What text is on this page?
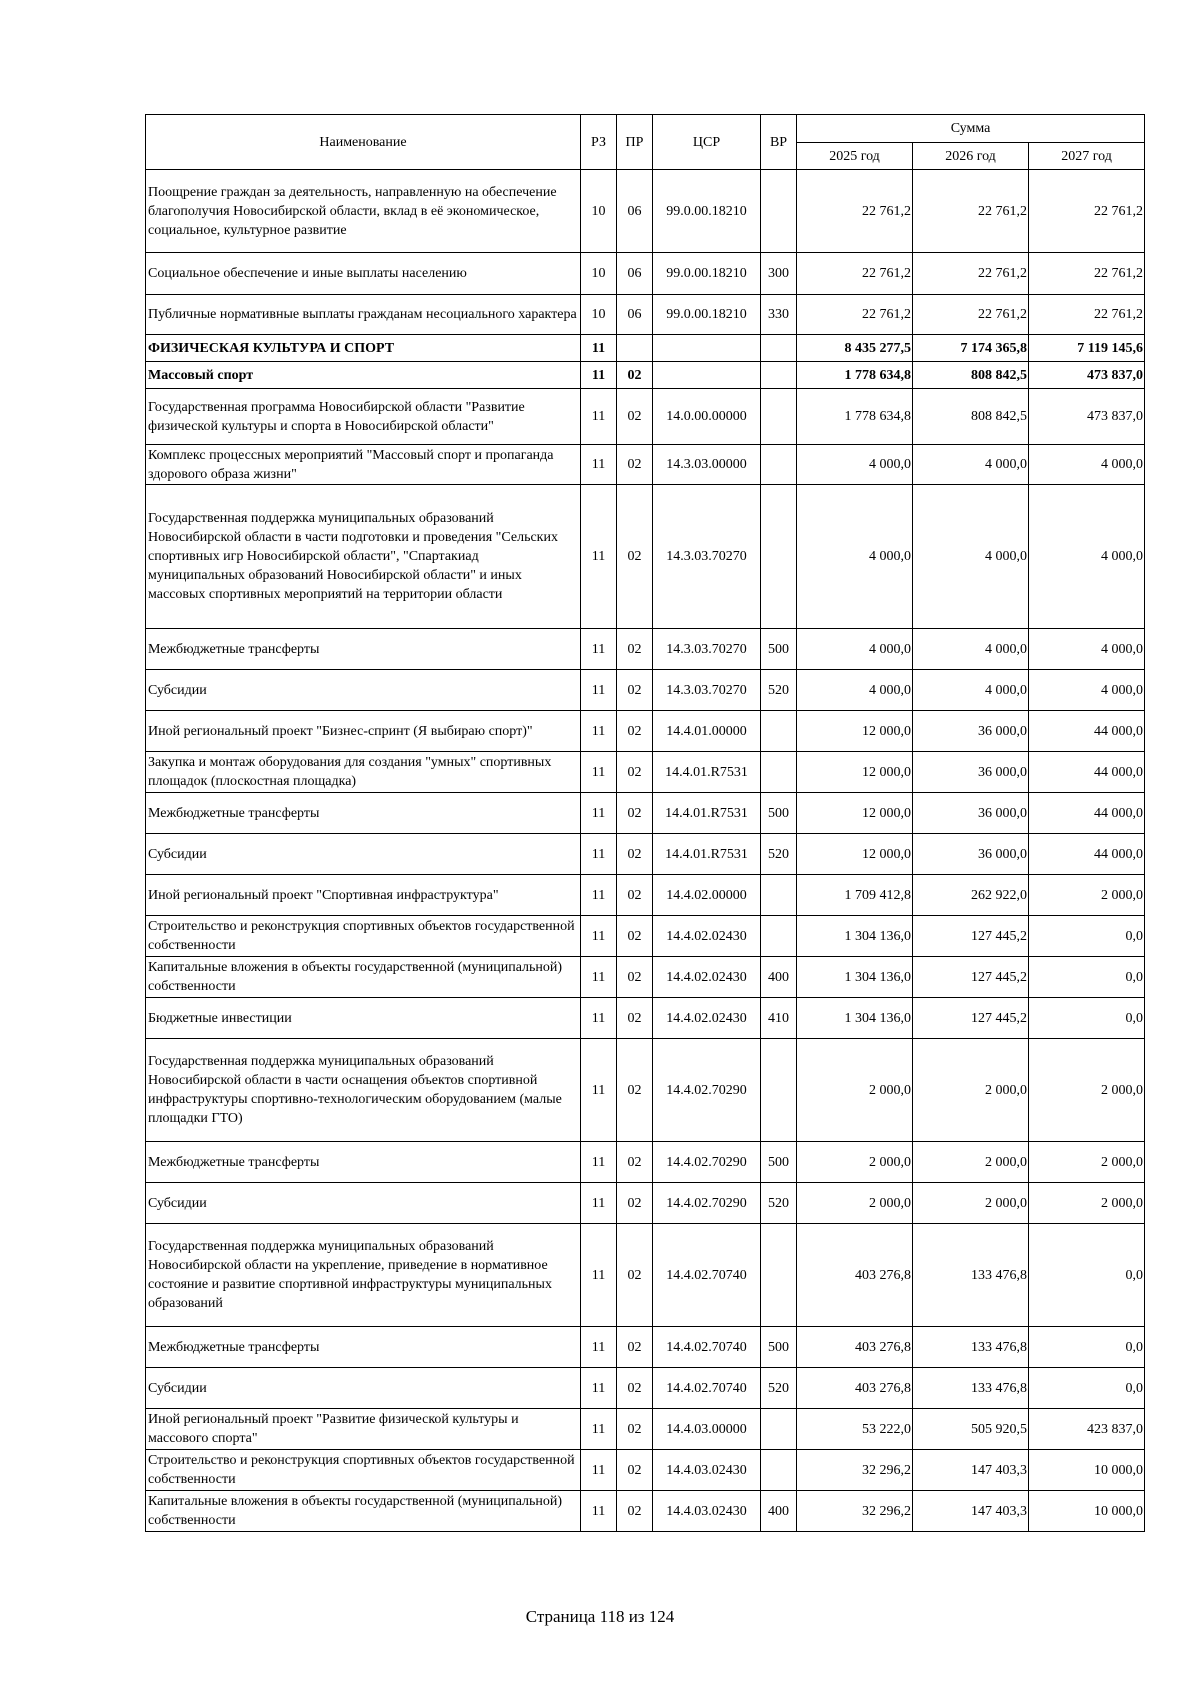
Наименование	РЗ	ПР	ЦСР	ВР	Сумма		
					2025 год	2026 год	2027 год
Поощрение граждан за деятельность, направленную на обеспечение благополучия Новосибирской области, вклад в её экономическое, социальное, культурное развитие	10	06	99.0.00.18210		22 761,2	22 761,2	22 761,2
Социальное обеспечение и иные выплаты населению	10	06	99.0.00.18210	300	22 761,2	22 761,2	22 761,2
Публичные нормативные выплаты гражданам несоциального характера	10	06	99.0.00.18210	330	22 761,2	22 761,2	22 761,2
ФИЗИЧЕСКАЯ КУЛЬТУРА И СПОРТ	11				8 435 277,5	7 174 365,8	7 119 145,6
Массовый спорт	11	02			1 778 634,8	808 842,5	473 837,0
Государственная программа Новосибирской области "Развитие физической культуры и спорта в Новосибирской области"	11	02	14.0.00.00000		1 778 634,8	808 842,5	473 837,0
Комплекс процессных мероприятий "Массовый спорт и пропаганда здорового образа жизни"	11	02	14.3.03.00000		4 000,0	4 000,0	4 000,0
Государственная поддержка муниципальных образований Новосибирской области в части подготовки и проведения "Сельских спортивных игр Новосибирской области", "Спартакиад муниципальных образований Новосибирской области" и иных массовых спортивных мероприятий на территории области	11	02	14.3.03.70270		4 000,0	4 000,0	4 000,0
Межбюджетные трансферты	11	02	14.3.03.70270	500	4 000,0	4 000,0	4 000,0
Субсидии	11	02	14.3.03.70270	520	4 000,0	4 000,0	4 000,0
Иной региональный проект "Бизнес-спринт (Я выбираю спорт)"	11	02	14.4.01.00000		12 000,0	36 000,0	44 000,0
Закупка и монтаж оборудования для создания "умных" спортивных площадок (плоскостная площадка)	11	02	14.4.01.R7531		12 000,0	36 000,0	44 000,0
Межбюджетные трансферты	11	02	14.4.01.R7531	500	12 000,0	36 000,0	44 000,0
Субсидии	11	02	14.4.01.R7531	520	12 000,0	36 000,0	44 000,0
Иной региональный проект "Спортивная инфраструктура"	11	02	14.4.02.00000		1 709 412,8	262 922,0	2 000,0
Строительство и реконструкция спортивных объектов государственной собственности	11	02	14.4.02.02430		1 304 136,0	127 445,2	0,0
Капитальные вложения в объекты государственной (муниципальной) собственности	11	02	14.4.02.02430	400	1 304 136,0	127 445,2	0,0
Бюджетные инвестиции	11	02	14.4.02.02430	410	1 304 136,0	127 445,2	0,0
Государственная поддержка муниципальных образований Новосибирской области в части оснащения объектов спортивной инфраструктуры спортивно-технологическим оборудованием (малые площадки ГТО)	11	02	14.4.02.70290		2 000,0	2 000,0	2 000,0
Межбюджетные трансферты	11	02	14.4.02.70290	500	2 000,0	2 000,0	2 000,0
Субсидии	11	02	14.4.02.70290	520	2 000,0	2 000,0	2 000,0
Государственная поддержка муниципальных образований Новосибирской области на укрепление, приведение в нормативное состояние и развитие спортивной инфраструктуры муниципальных образований	11	02	14.4.02.70740		403 276,8	133 476,8	0,0
Межбюджетные трансферты	11	02	14.4.02.70740	500	403 276,8	133 476,8	0,0
Субсидии	11	02	14.4.02.70740	520	403 276,8	133 476,8	0,0
Иной региональный проект "Развитие физической культуры и массового спорта"	11	02	14.4.03.00000		53 222,0	505 920,5	423 837,0
Строительство и реконструкция спортивных объектов государственной собственности	11	02	14.4.03.02430		32 296,2	147 403,3	10 000,0
Капитальные вложения в объекты государственной (муниципальной) собственности	11	02	14.4.03.02430	400	32 296,2	147 403,3	10 000,0
Страница 118 из 124
